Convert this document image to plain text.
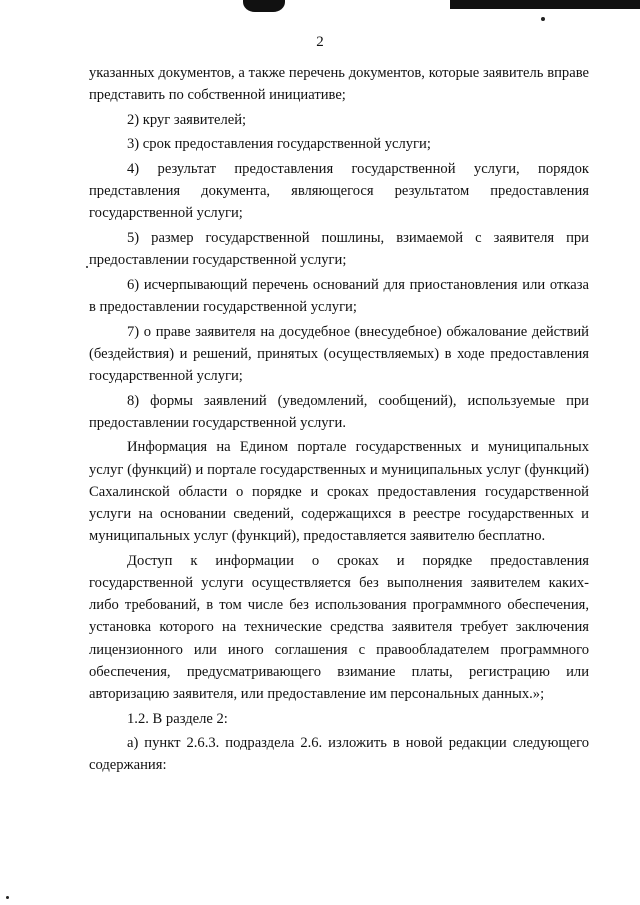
2

указанных документов, а также перечень документов, которые заявитель вправе представить по собственной инициативе;

2) круг заявителей;

3) срок предоставления государственной услуги;

4) результат предоставления государственной услуги, порядок представления документа, являющегося результатом предоставления государственной услуги;

5) размер государственной пошлины, взимаемой с заявителя при предоставлении государственной услуги;

6) исчерпывающий перечень оснований для приостановления или отказа в предоставлении государственной услуги;

7) о праве заявителя на досудебное (внесудебное) обжалование действий (бездействия) и решений, принятых (осуществляемых) в ходе предоставления государственной услуги;

8) формы заявлений (уведомлений, сообщений), используемые при предоставлении государственной услуги.

Информация на Едином портале государственных и муниципальных услуг (функций) и портале государственных и муниципальных услуг (функций) Сахалинской области о порядке и сроках предоставления государственной услуги на основании сведений, содержащихся в реестре государственных и муниципальных услуг (функций), предоставляется заявителю бесплатно.

Доступ к информации о сроках и порядке предоставления государственной услуги осуществляется без выполнения заявителем каких-либо требований, в том числе без использования программного обеспечения, установка которого на технические средства заявителя требует заключения лицензионного или иного соглашения с правообладателем программного обеспечения, предусматривающего взимание платы, регистрацию или авторизацию заявителя, или предоставление им персональных данных.»;

1.2. В разделе 2:

а) пункт 2.6.3. подраздела 2.6. изложить в новой редакции следующего содержания:
